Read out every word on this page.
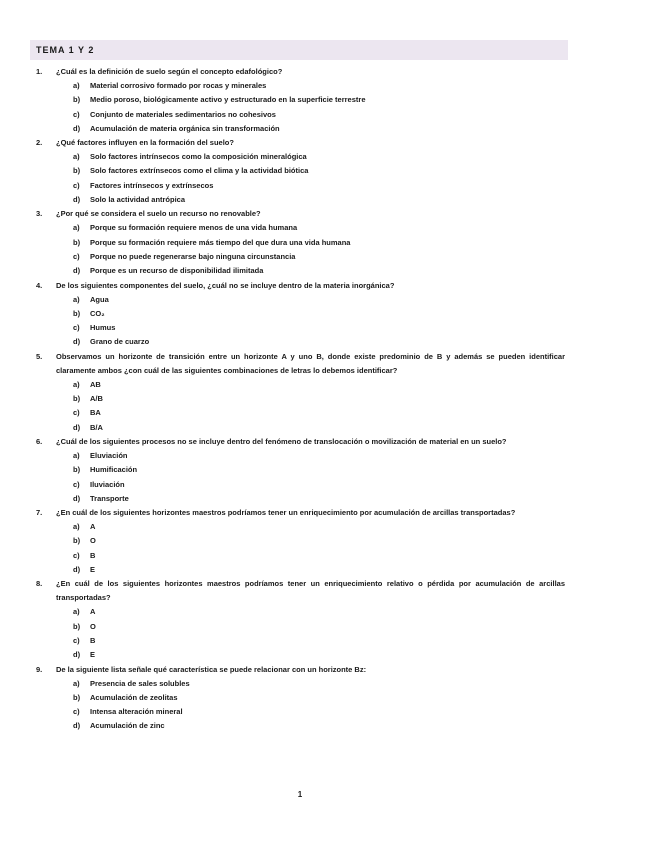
TEMA 1 Y 2
1. ¿Cuál es la definición de suelo según el concepto edafológico?
a) Material corrosivo formado por rocas y minerales
b) Medio poroso, biológicamente activo y estructurado en la superficie terrestre
c) Conjunto de materiales sedimentarios no cohesivos
d) Acumulación de materia orgánica sin transformación
2. ¿Qué factores influyen en la formación del suelo?
a) Solo factores intrínsecos como la composición mineralógica
b) Solo factores extrínsecos como el clima y la actividad biótica
c) Factores intrínsecos y extrínsecos
d) Solo la actividad antrópica
3. ¿Por qué se considera el suelo un recurso no renovable?
a) Porque su formación requiere menos de una vida humana
b) Porque su formación requiere más tiempo del que dura una vida humana
c) Porque no puede regenerarse bajo ninguna circunstancia
d) Porque es un recurso de disponibilidad ilimitada
4. De los siguientes componentes del suelo, ¿cuál no se incluye dentro de la materia inorgánica?
a) Agua
b) CO₂
c) Humus
d) Grano de cuarzo
5. Observamos un horizonte de transición entre un horizonte A y uno B, donde existe predominio de B y además se pueden identificar claramente ambos ¿con cuál de las siguientes combinaciones de letras lo debemos identificar?
a) AB
b) A/B
c) BA
d) B/A
6. ¿Cuál de los siguientes procesos no se incluye dentro del fenómeno de translocación o movilización de material en un suelo?
a) Eluviación
b) Humificación
c) Iluviación
d) Transporte
7. ¿En cuál de los siguientes horizontes maestros podríamos tener un enriquecimiento por acumulación de arcillas transportadas?
a) A
b) O
c) B
d) E
8. ¿En cuál de los siguientes horizontes maestros podríamos tener un enriquecimiento relativo o pérdida por acumulación de arcillas transportadas?
a) A
b) O
c) B
d) E
9. De la siguiente lista señale qué característica se puede relacionar con un horizonte Bz:
a) Presencia de sales solubles
b) Acumulación de zeolitas
c) Intensa alteración mineral
d) Acumulación de zinc
1
